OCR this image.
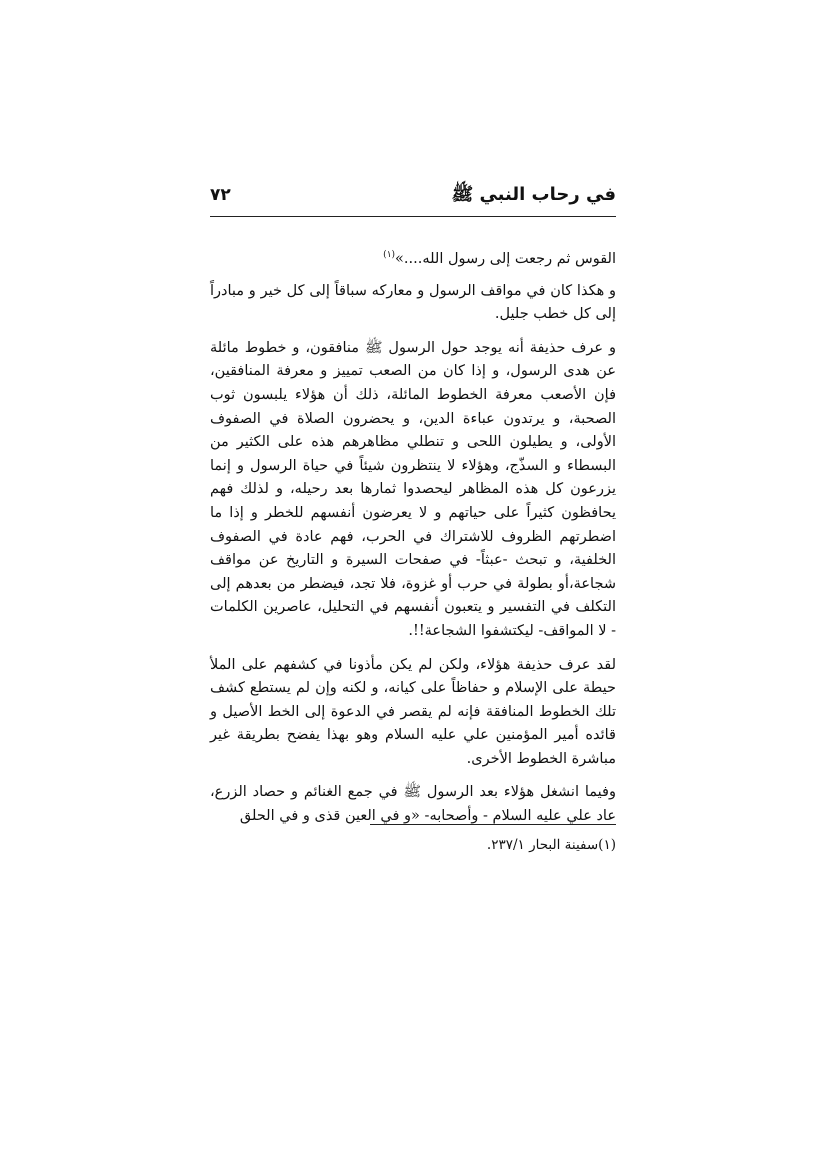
في رحاب النبي ﷺ
٧٢

القوس ثم رجعت إلى رسول الله....»$^{(١)}$

و هكذا كان في مواقف الرسول و معاركه سباقاً إلى كل خير و مبادراً إلى كل خطب جليل.

و عرف حذيفة أنه يوجد حول الرسول ﷺ منافقون، و خطوط مائلة عن هدى الرسول، و إذا كان من الصعب تمييز و معرفة المنافقين، فإن الأصعب معرفة الخطوط المائلة، ذلك أن هؤلاء يلبسون ثوب الصحبة، و يرتدون عباءة الدين، و يحضرون الصلاة في الصفوف الأولى، و يطيلون اللحى و تنطلي مظاهرهم هذه على الكثير من البسطاء و السذّج، وهؤلاء لا ينتظرون شيئاً في حياة الرسول و إنما يزرعون كل هذه المظاهر ليحصدوا ثمارها بعد رحيله، و لذلك فهم يحافظون كثيراً على حياتهم و لا يعرضون أنفسهم للخطر و إذا ما اضطرتهم الظروف للاشتراك في الحرب، فهم عادة في الصفوف الخلفية، و تبحث -عبثاً- في صفحات السيرة و التاريخ عن مواقف شجاعة،أو بطولة في حرب أو غزوة، فلا تجد، فيضطر من بعدهم إلى التكلف في التفسير و يتعبون أنفسهم في التحليل، عاصرين الكلمات - لا المواقف- ليكتشفوا الشجاعة!!.

لقد عرف حذيفة هؤلاء، ولكن لم يكن مأذونا في كشفهم على الملأ حيطة على الإسلام و حفاظاً على كيانه، و لكنه وإن لم يستطع كشف تلك الخطوط المنافقة فإنه لم يقصر في الدعوة إلى الخط الأصيل و قائده أمير المؤمنين علي عليه السلام وهو بهذا يفضح بطريقة غير مباشرة الخطوط الأخرى.

وفيما انشغل هؤلاء بعد الرسول ﷺ في جمع الغنائم و حصاد الزرع، عاد علي عليه السلام - وأصحابه- «و في العين قذى و في الحلق

(١)سفينة البحار ٢٣٧/١.
